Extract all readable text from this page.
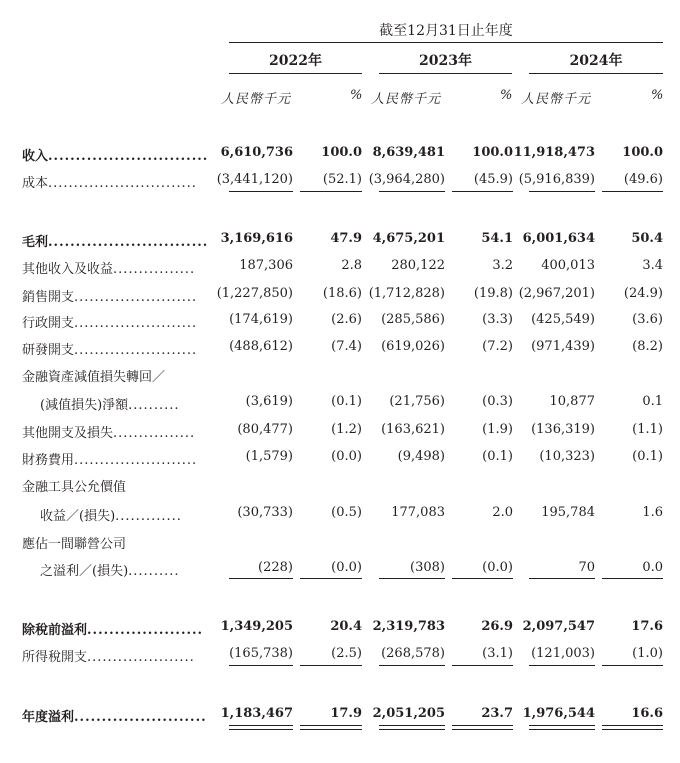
截至12月31日止年度
2022年	2023年	2024年
人民幣千元	% 人民幣千元	% 人民幣千元	%
收入............................. 6,610,736	100.0 8,639,481	100.0 11,918,473	100.0
成本.............................	(3,441,120)	(52.1) (3,964,280)	(45.9) (5,916,839)	(49.6)
毛利............................. 3,169,616	47.9 4,675,201	54.1 6,001,634	50.4
其他收入及收益................	187,306	2.8	280,122	3.2	400,013	3.4
銷售開支........................	(1,227,850)	(18.6) (1,712,828)	(19.8) (2,967,201)	(24.9)
行政開支........................	(174,619)	(2.6)	(285,586)	(3.3)	(425,549)	(3.6)
研發開支........................	(488,612)	(7.4)	(619,026)	(7.2)	(971,439)	(8.2)
金融資產減值損失轉回／
(減值損失)淨額..........	(3,619)	(0.1)	(21,756)	(0.3)	10,877	0.1
其他開支及損失................	(80,477)	(1.2)	(163,621)	(1.9)	(136,319)	(1.1)
財務費用........................	(1,579)	(0.0)	(9,498)	(0.1)	(10,323)	(0.1)
金融工具公允價值
收益／(損失).............	(30,733)	(0.5)	177,083	2.0	195,784	1.6
應佔一間聯營公司
之溢利／(損失)..........	(228)	(0.0)	(308)	(0.0)	70	0.0
除稅前溢利.....................	1,349,205	20.4 2,319,783	26.9 2,097,547	17.6
所得稅開支.....................	(165,738)	(2.5)	(268,578)	(3.1)	(121,003)	(1.0)
年度溢利........................	1,183,467	17.9 2,051,205	23.7 1,976,544	16.6
